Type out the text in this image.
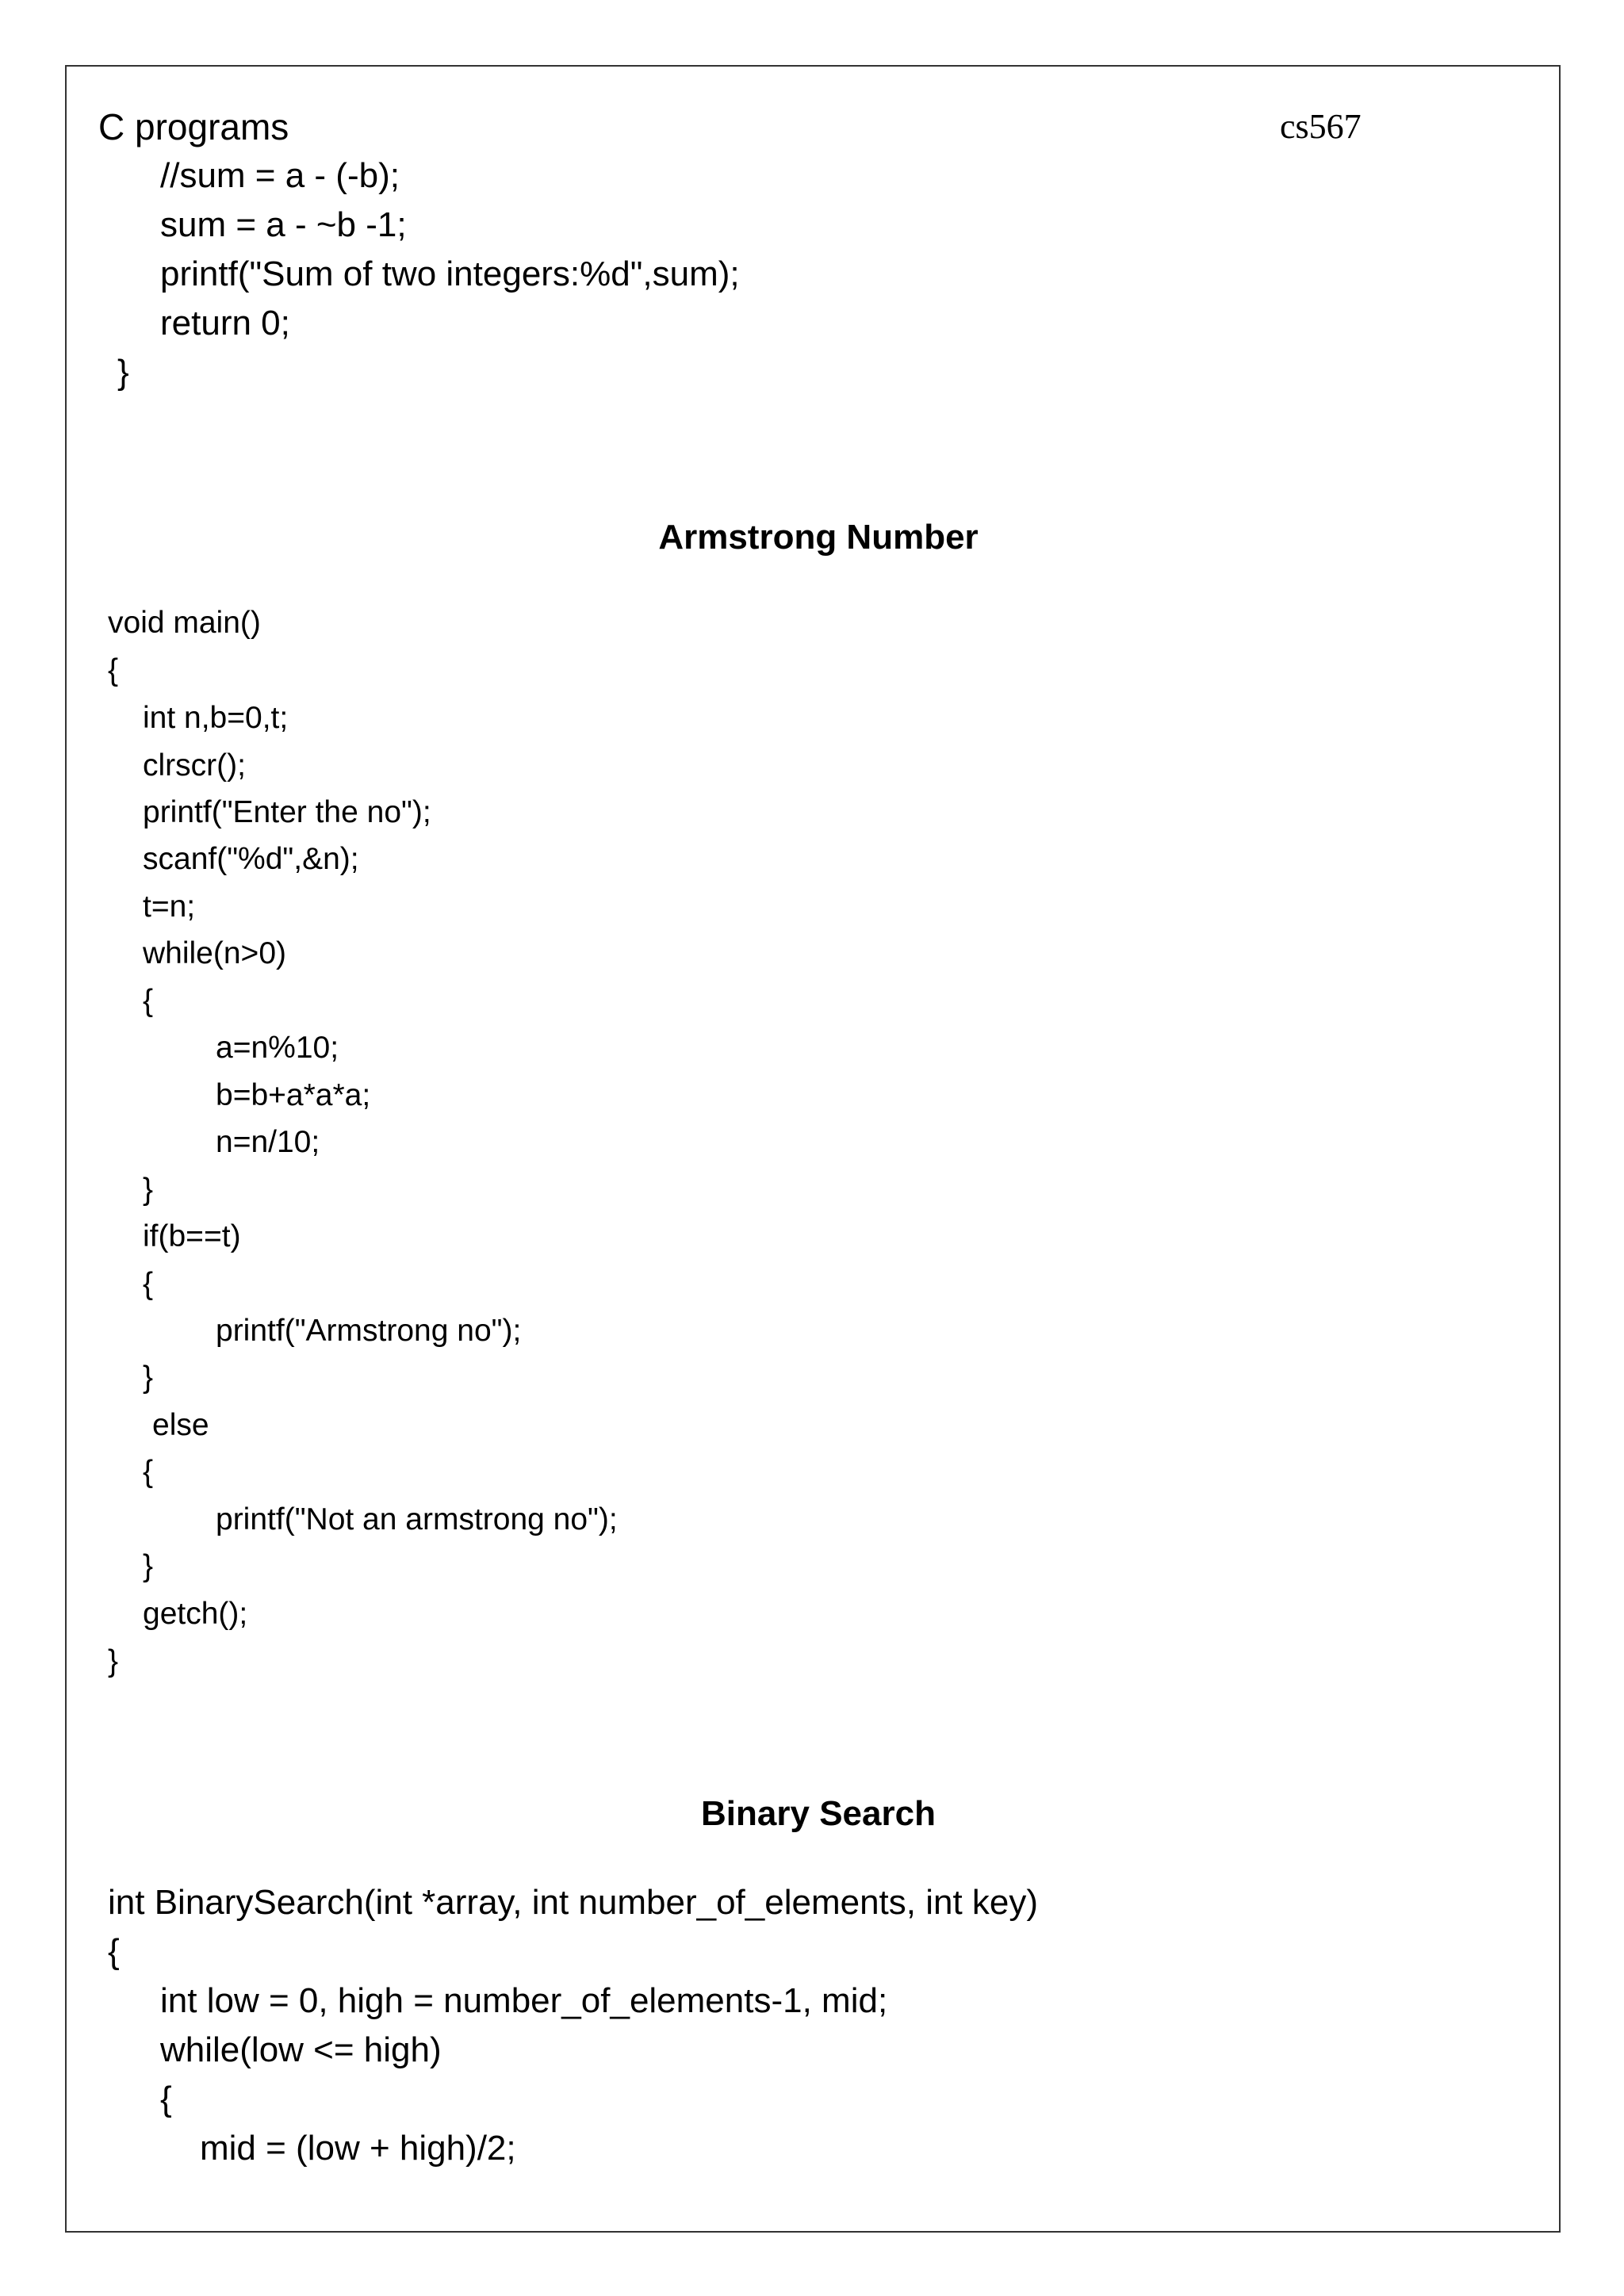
C programs	cs567
//sum = a - (-b);
sum = a - ~b -1;
printf("Sum of two integers:%d",sum);
return 0;
}
Armstrong Number
void main()
{
int n,b=0,t;
clrscr();
printf("Enter the no");
scanf("%d",&n);
t=n;
while(n>0)
{
a=n%10;
b=b+a*a*a;
n=n/10;
}
if(b==t)
{
printf("Armstrong no");
}
else
{
printf("Not an armstrong no");
}
getch();
}
Binary Search
int BinarySearch(int *array, int number_of_elements, int key)
{
int low = 0, high = number_of_elements-1, mid;
while(low <= high)
{
mid = (low + high)/2;
